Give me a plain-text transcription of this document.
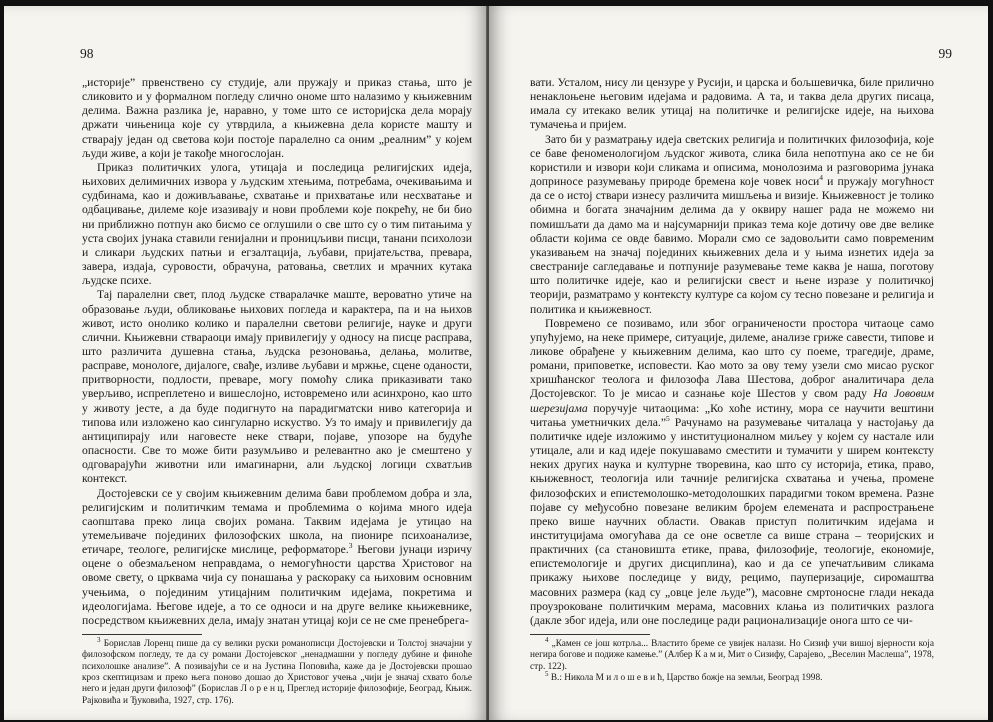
98

„историје” првенствено су студије, али пружају и приказ стања, што је сликовито и у формалном погледу слично ономе што налазимо у књижевним делима. Важна разлика је, наравно, у томе што се историјска дела морају држати чињеница које су утврдила, а књижевна дела користе машту и стварају један од светова који постоје паралелно са оним „реалним” у којем људи живе, а који је такође многослојан.

Приказ политичких улога, утицаја и последица религијских идеја, њихових делимичних извора у људским хтењима, потребама, очекивањима и судбинама, као и доживљавање, схватање и прихватање или несхватање и одбацивање, дилеме које изазивају и нови проблеми које покрећу, не би био ни приближно потпун ако бисмо се оглушили о све што су о тим питањима у уста својих јунака ставили генијални и проницљиви писци, танани психолози и сликари људских патњи и егзалтација, љубави, пријатељства, превара, завера, издаја, суровости, обрачуна, ратовања, светлих и мрачних кутака људске психе.

Тај паралелни свет, плод људске стваралачке маште, вероватно утиче на образовање људи, обликовање њихових погледа и карактера, па и на њихов живот, исто онолико колико и паралелни светови религије, науке и други слични. Књижевни ствараоци имају привилегију у односу на писце расправа, што различита душевна стања, људска резоновања, делања, молитве, расправе, монологе, дијалоге, свађе, изливе љубави и мржње, сцене оданости, притворности, подлости, преваре, могу помоћу слика приказивати тако уверљиво, испреплетено и вишеслојно, истовремено или асинхроно, као што у животу јесте, а да буде подигнуто на парадигматски ниво категорија и типова или изложено као сингуларно искуство. Уз то имају и привилегију да антиципирају или наговесте неке ствари, појаве, упозоре на будуће опасности. Све то може бити разумљиво и релевантно ако је смештено у одговарајући животни или имагинарни, али људској логици схватљив контекст.

Достојевски се у својим књижевним делима бави проблемом добра и зла, религијским и политичким темама и проблемима о којима много идеја саопштава преко лица својих романа. Таквим идејама је утицао на утемељиваче појединих филозофских школа, на пионире психоанализе, етичаре, теологе, религијске мислице, реформаторе.$^3$ Његови јунаци изричу оцене о обезмаљеном неправдама, о немогућности царства Христовог на овоме свету, о црквама чија су понашања у раскораку са њиховим основним учењима, о појединим утицајним политичким идејама, покретима и идеологијама. Његове идеје, а то се односи и на друге велике књижевнике, посредством књижевних дела, имају знатан утицај који се не сме пренебрега-

$^3$ Борислав Лоренц пише да су велики руски романописци Достојевски и Толстој значајни у филозофском погледу, те да су романи Достојевског „ненадмашни у погледу дубине и финоће психолошке анализе”. А позивајући се и на Јустина Поповића, каже да је Достојевски прошао кроз скептицизам и преко њега поново дошао до Христовог учења „чији је значај схвато боље него и један други филозоф” (Борислав Л о р е н ц, Преглед историје филозофије, Београд, Књиж. Рајковића и Ђуковића, 1927, стр. 176).

99

вати. Усталом, нису ли цензуре у Русији, и царска и бољшевичка, биле прилично ненаклоњене његовим идејама и радовима. А та, и таква дела других писаца, имала су итекако велик утицај на политичке и религијске идеје, на њихова тумачења и пријем.

Зато би у разматрању идеја светских религија и политичких филозофија, које се баве феноменологијом људског живота, слика била непотпуна ако се не би користили и извори који сликама и описима, монолозима и разговорима јунака доприносе разумевању природе бремена које човек носи$^4$ и пружају могућност да се о истој ствари изнесу различита мишљења и визије. Књижевност је толико обимна и богата значајним делима да у оквиру нашег рада не можемо ни помишљати да дамо ма и најсумарнији приказ тема које дотичу ове две велике области којима се овде бавимо. Морали смо се задовољити само повременим указивањем на значај појединих књижевних дела и у њима изнетих идеја за свестраније сагледавање и потпуније разумевање теме каква је наша, поготову што политичке идеје, као и религијски свест и њене изразе у политичкој теорији, разматрамо у контексту културе са којом су тесно повезане и религија и политика и књижевност.

Повремено се позивамо, или због ограничености простора читаоце само упућујемо, на неке примере, ситуације, дилеме, анализе гриже савести, типове и ликове обрађене у књижевним делима, као што су поеме, трагедије, драме, романи, приповетке, исповести. Као мото за ову тему узели смо мисао руског хришћанског теолога и филозофа Лава Шестова, доброг аналитичара дела Достојевског. То је мисао и сазнање које Шестов у свом раду На Јововим шерезијама поручује читаоцима: „Ко хоће истину, мора се научити вештини читања уметничких дела.”$^5$ Рачунамо на разумевање читалаца у настојању да политичке идеје изложимо у институционалном миљеу у којем су настале или утицале, али и кад идеје покушавамо сместити и тумачити у ширем контексту неких других наука и културне творевина, као што су историја, етика, право, књижевност, теологија или тачније религијска схватања и учења, промене филозофских и епистемолошко-методолошких парадигми током времена. Разне појаве су међусобно повезане великим бројем елемената и распрострањене преко више научних области. Овакав приступ политичким идејама и институцијама омогућава да се оне осветле са више страна – теоријских и практичних (са становишта етике, права, филозофије, теологије, економије, епистемологије и других дисциплина), као и да се упечатљивим сликама прикажу њихове последице у виду, рецимо, пауперизације, сиромаштва масовних размера (кад су „овце јеле људе”), масовне смртоносне глади некада проузроковане политичким мерама, масовних клања из политичких разлога (дакле због идеја, или оне последице ради рационализације онога што се чи-

$^4$ „Камен се још котрља... Властито бреме се увијек налази. Но Сизиф учи вишој вјерности која негира богове и подиже камење.” (Албер К а м и, Мит о Сизифу, Сарајево, „Веселин Маслеша”, 1978, стр. 122).

$^5$ В.: Никола М и л о ш е в и ћ, Царство божје на земљи, Београд 1998.
